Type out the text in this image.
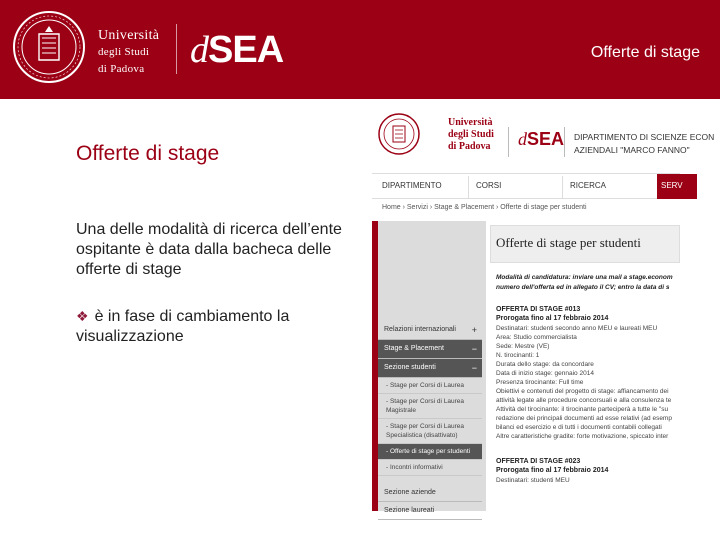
Università
degli Studi
di Padova	dSEA	Offerte di stage
Offerte di stage
Una delle modalità di ricerca dell’ente ospitante è data dalla bacheca delle offerte di stage
❖ è in fase di cambiamento la visualizzazione
Università
degli Studi
di Padova dSEA DIPARTIMENTO DI SCIENZE ECON
AZIENDALI "MARCO FANNO"
DIPARTIMENTO	CORSI	RICERCA	SERV
Home › Servizi › Stage & Placement › Offerte di stage per studenti
Relazioni internazionali +
Stage & Placement	−
Sezione studenti	−
- Stage per Corsi di Laurea
- Stage per Corsi di Laurea Magistrale
- Stage per Corsi di Laurea Specialistica (disattivato)
- Offerte di stage per studenti
- Incontri informativi
Sezione aziende
Sezione laureati
Offerte di stage per studenti
Modalità di candidatura: inviare una mail a stage.econom
numero dell'offerta ed in allegato il CV; entro la data di s
OFFERTA DI STAGE #013
Prorogata fino al 17 febbraio 2014
Destinatari: studenti secondo anno MEU e laureati MEU
Area: Studio commercialista
Sede: Mestre (VE)
N. tirocinanti: 1
Durata dello stage: da concordare
Data di inizio stage: gennaio 2014
Presenza tirocinante: Full time
Obiettivi e contenuti del progetto di stage: affiancamento dei
attività legate alle procedure concorsuali e alla consulenza te
Attività del tirocinante: il tirocinante parteciperà a tutte le "su
redazione dei principali documenti ad esse relativi (ad esemp
bilanci ed esercizio e di tutti i documenti contabili collegati
Altre caratteristiche gradite: forte motivazione, spiccato inter
OFFERTA DI STAGE #023
Prorogata fino al 17 febbraio 2014
Destinatari: studenti MEU
